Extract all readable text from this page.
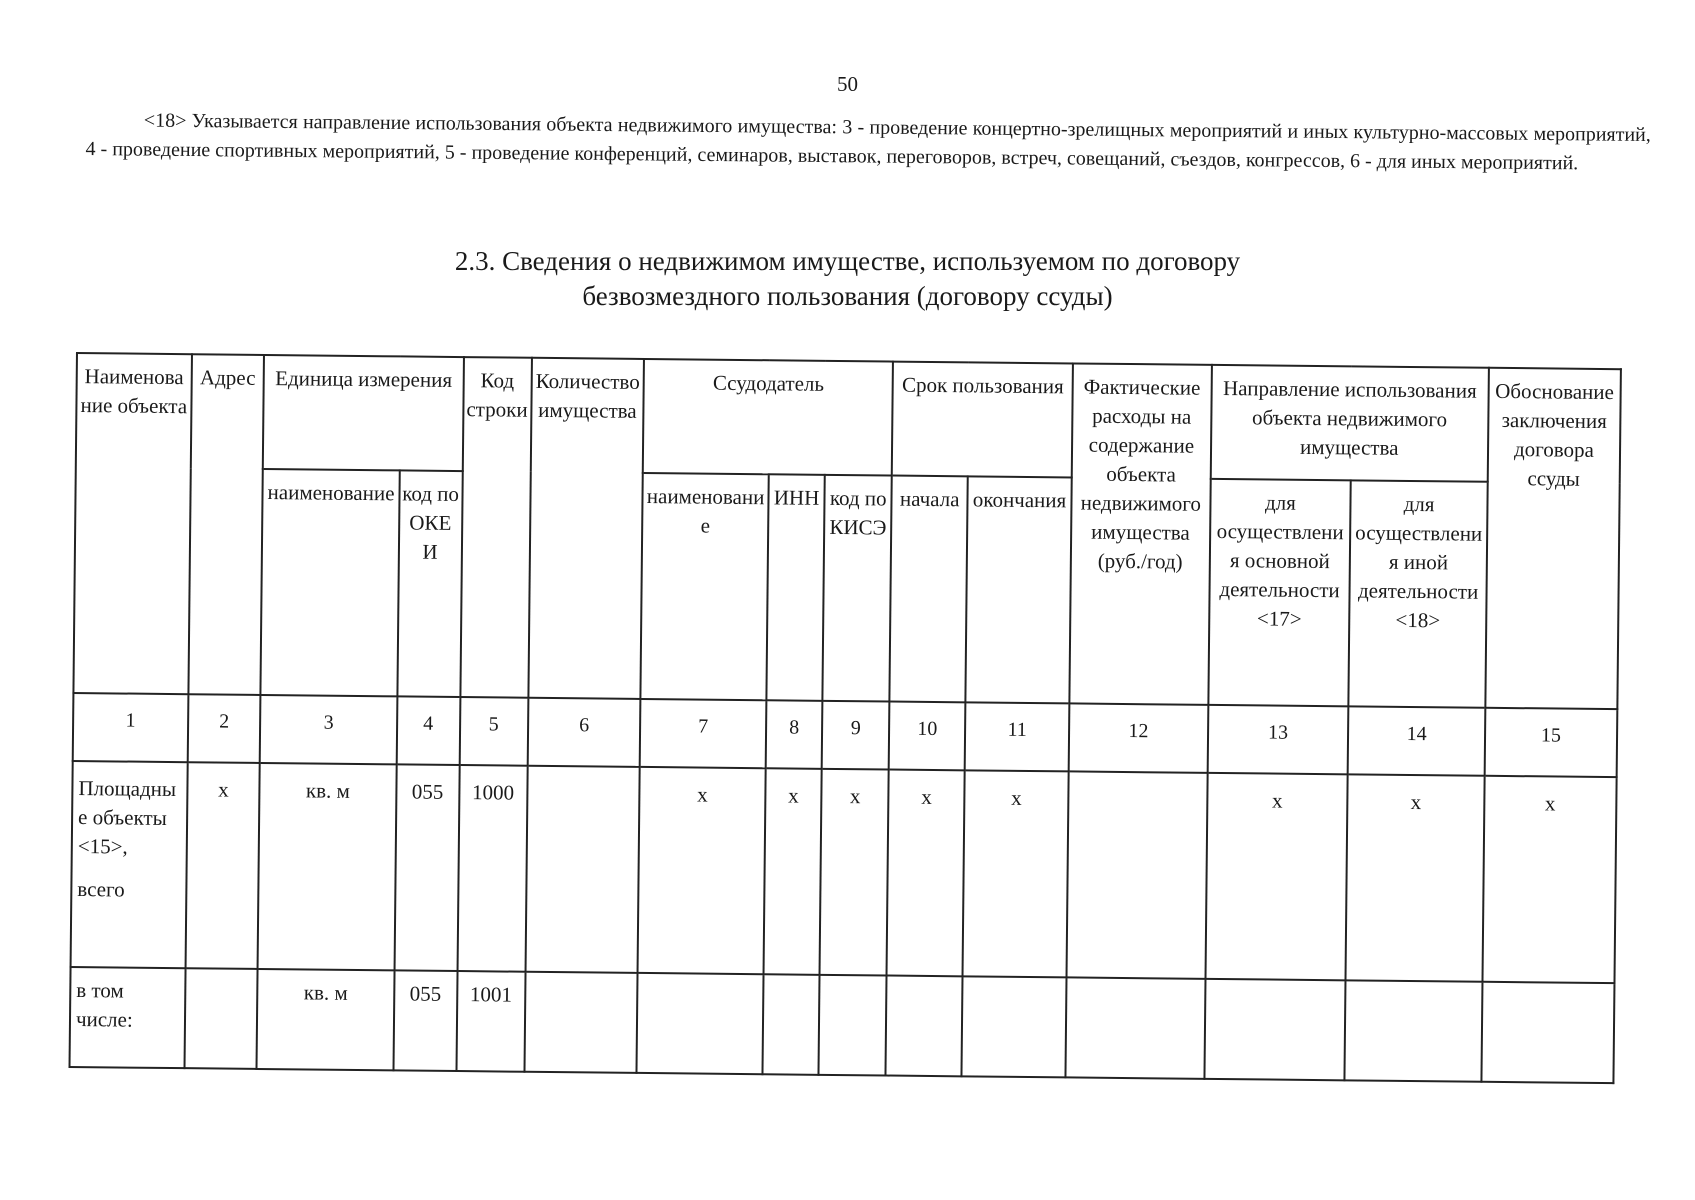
50
<18> Указывается направление использования объекта недвижимого имущества: 3 - проведение концертно-зрелищных мероприятий и иных культурно-массовых мероприятий, 4 - проведение спортивных мероприятий, 5 - проведение конференций, семинаров, выставок, переговоров, встреч, совещаний, съездов, конгрессов, 6 - для иных мероприятий.
2.3. Сведения о недвижимом имуществе, используемом по договору
безвозмездного пользования (договору ссуды)
Наименование объекта	Адрес	Единица измерения		Код строки	Количество имущества	Ссудодатель			Срок пользования		Фактические расходы на содержание объекта недвижимого имущества (руб./год)	Направление использования объекта недвижимого имущества		Обоснование заключения договора ссуды
		наименование	код по ОКЕИ			наименование	ИНН	код по КИСЭ	начала	окончания		для осуществления основной деятельности <17>	для осуществления иной деятельности <18>	
1	2	3	4	5	6	7	8	9	10	11	12	13	14	15

Площадные объекты <15>,
всего	x	кв. м	055	1000		x	x	x	x	x		x	x	x
в том числе:		кв. м	055	1001										
